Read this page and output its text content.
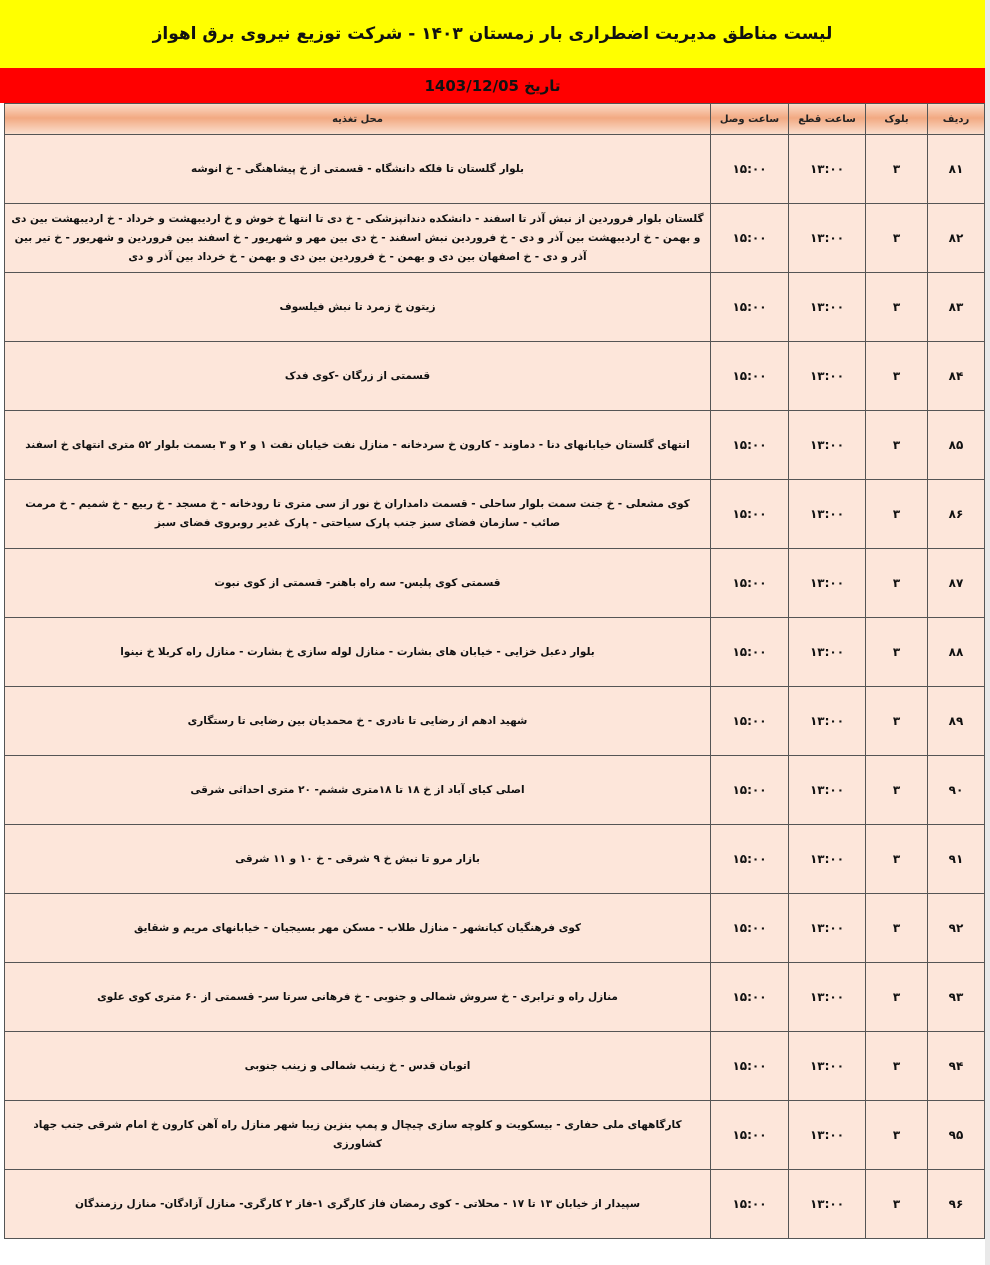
لیست مناطق مدیریت اضطراری بار زمستان ۱۴۰۳ - شرکت توزیع نیروی برق اهواز
تاریخ 1403/12/05
ردیف	بلوک	ساعت قطع	ساعت وصل	محل تغذیه
۸۱	۳	۱۳:۰۰	۱۵:۰۰	بلوار گلستان تا فلکه دانشگاه - قسمتی از خ پیشاهنگی - خ انوشه
۸۲	۳	۱۳:۰۰	۱۵:۰۰	گلستان بلوار فروردین از نبش آذر تا اسفند - دانشکده دندانپزشکی - خ دی تا انتها خ خوش و خ اردیبهشت و خرداد - خ اردیبهشت بین دی و بهمن - خ اردیبهشت بین آذر و دی - خ فروردین نبش اسفند - خ دی بین مهر و شهریور - خ اسفند بین فروردین و شهریور - خ تیر بین آذر و دی - خ اصفهان بین دی و بهمن - خ فروردین بین دی و بهمن - خ خرداد بین آذر و دی
۸۳	۳	۱۳:۰۰	۱۵:۰۰	زیتون خ زمرد تا نبش فیلسوف
۸۴	۳	۱۳:۰۰	۱۵:۰۰	قسمتی از زرگان -کوی فدک
۸۵	۳	۱۳:۰۰	۱۵:۰۰	انتهای گلستان خیابانهای دنا - دماوند - کارون خ سردخانه - منازل نفت خیابان نفت ۱ و ۲ و ۳ بسمت بلوار ۵۲ متری انتهای خ اسفند
۸۶	۳	۱۳:۰۰	۱۵:۰۰	کوی مشعلی - خ جنت سمت بلوار ساحلی - قسمت دامداران خ نور از سی متری تا رودخانه - خ مسجد - خ ربیع - خ شمیم - خ مرمت صائب - سازمان فضای سبز جنب پارک سیاحتی - پارک غدیر روبروی فضای سبز
۸۷	۳	۱۳:۰۰	۱۵:۰۰	قسمتی کوی پلیس- سه راه باهنر- قسمتی از کوی نبوت
۸۸	۳	۱۳:۰۰	۱۵:۰۰	بلوار دعبل خزایی - خیابان های بشارت - منازل لوله سازی خ بشارت - منازل راه کربلا خ نینوا
۸۹	۳	۱۳:۰۰	۱۵:۰۰	شهید ادهم از رضایی تا نادری - خ محمدیان بین رضایی تا رستگاری
۹۰	۳	۱۳:۰۰	۱۵:۰۰	اصلی کیای آباد از خ ۱۸ تا ۱۸متری ششم- ۲۰ متری احداثی شرقی
۹۱	۳	۱۳:۰۰	۱۵:۰۰	بازار مرو تا نبش خ ۹ شرقی - خ ۱۰ و ۱۱ شرقی
۹۲	۳	۱۳:۰۰	۱۵:۰۰	کوی فرهنگیان کیانشهر - منازل طلاب - مسکن مهر بسیجیان - خیابانهای مریم و شقایق
۹۳	۳	۱۳:۰۰	۱۵:۰۰	منازل راه و ترابری - خ سروش شمالی و جنوبی - خ فرهانی سرتا سر- قسمتی از ۶۰ متری کوی علوی
۹۴	۳	۱۳:۰۰	۱۵:۰۰	اتوبان قدس - خ زینب شمالی و زینب جنوبی
۹۵	۳	۱۳:۰۰	۱۵:۰۰	کارگاههای ملی حفاری - بیسکویت و کلوچه سازی چیچال و پمپ بنزین زیبا شهر منازل راه آهن کارون خ امام شرقی جنب جهاد کشاورزی
۹۶	۳	۱۳:۰۰	۱۵:۰۰	سپیدار از خیابان ۱۳ تا ۱۷ - محلاتی - کوی رمضان فاز کارگری ۱-فاز ۲ کارگری- منازل آزادگان- منازل رزمندگان
